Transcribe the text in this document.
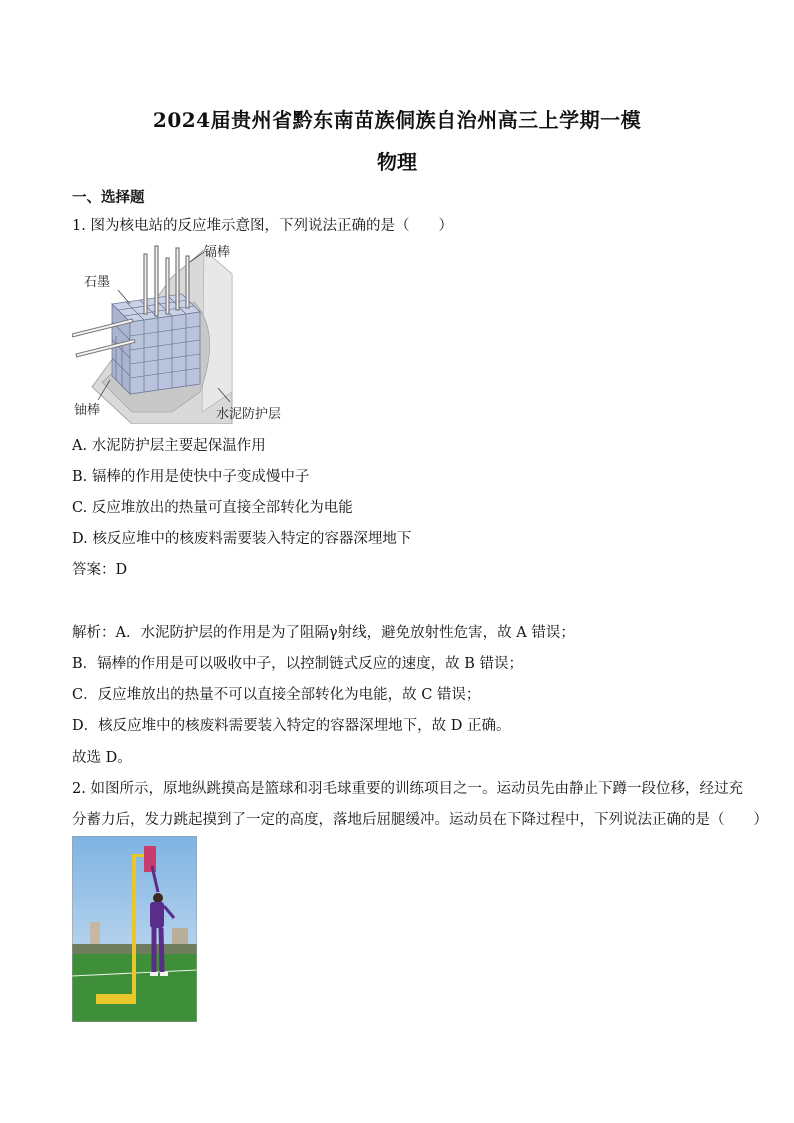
2024届贵州省黔东南苗族侗族自治州高三上学期一模
物理
一、选择题
1. 图为核电站的反应堆示意图，下列说法正确的是（　　）
镉棒
石墨
铀棒	水泥防护层
A. 水泥防护层主要起保温作用
B. 镉棒的作用是使快中子变成慢中子
C. 反应堆放出的热量可直接全部转化为电能
D. 核反应堆中的核废料需要装入特定的容器深埋地下
答案：D
解析：A．水泥防护层的作用是为了阻隔γ射线，避免放射性危害，故 A 错误；
B．镉棒的作用是可以吸收中子，以控制链式反应的速度，故 B 错误；
C．反应堆放出的热量不可以直接全部转化为电能，故 C 错误；
D．核反应堆中的核废料需要装入特定的容器深埋地下，故 D 正确。
故选 D。
2. 如图所示，原地纵跳摸高是篮球和羽毛球重要的训练项目之一。运动员先由静止下蹲一段位移，经过充
分蓄力后，发力跳起摸到了一定的高度，落地后屈腿缓冲。运动员在下降过程中，下列说法正确的是（　　）
